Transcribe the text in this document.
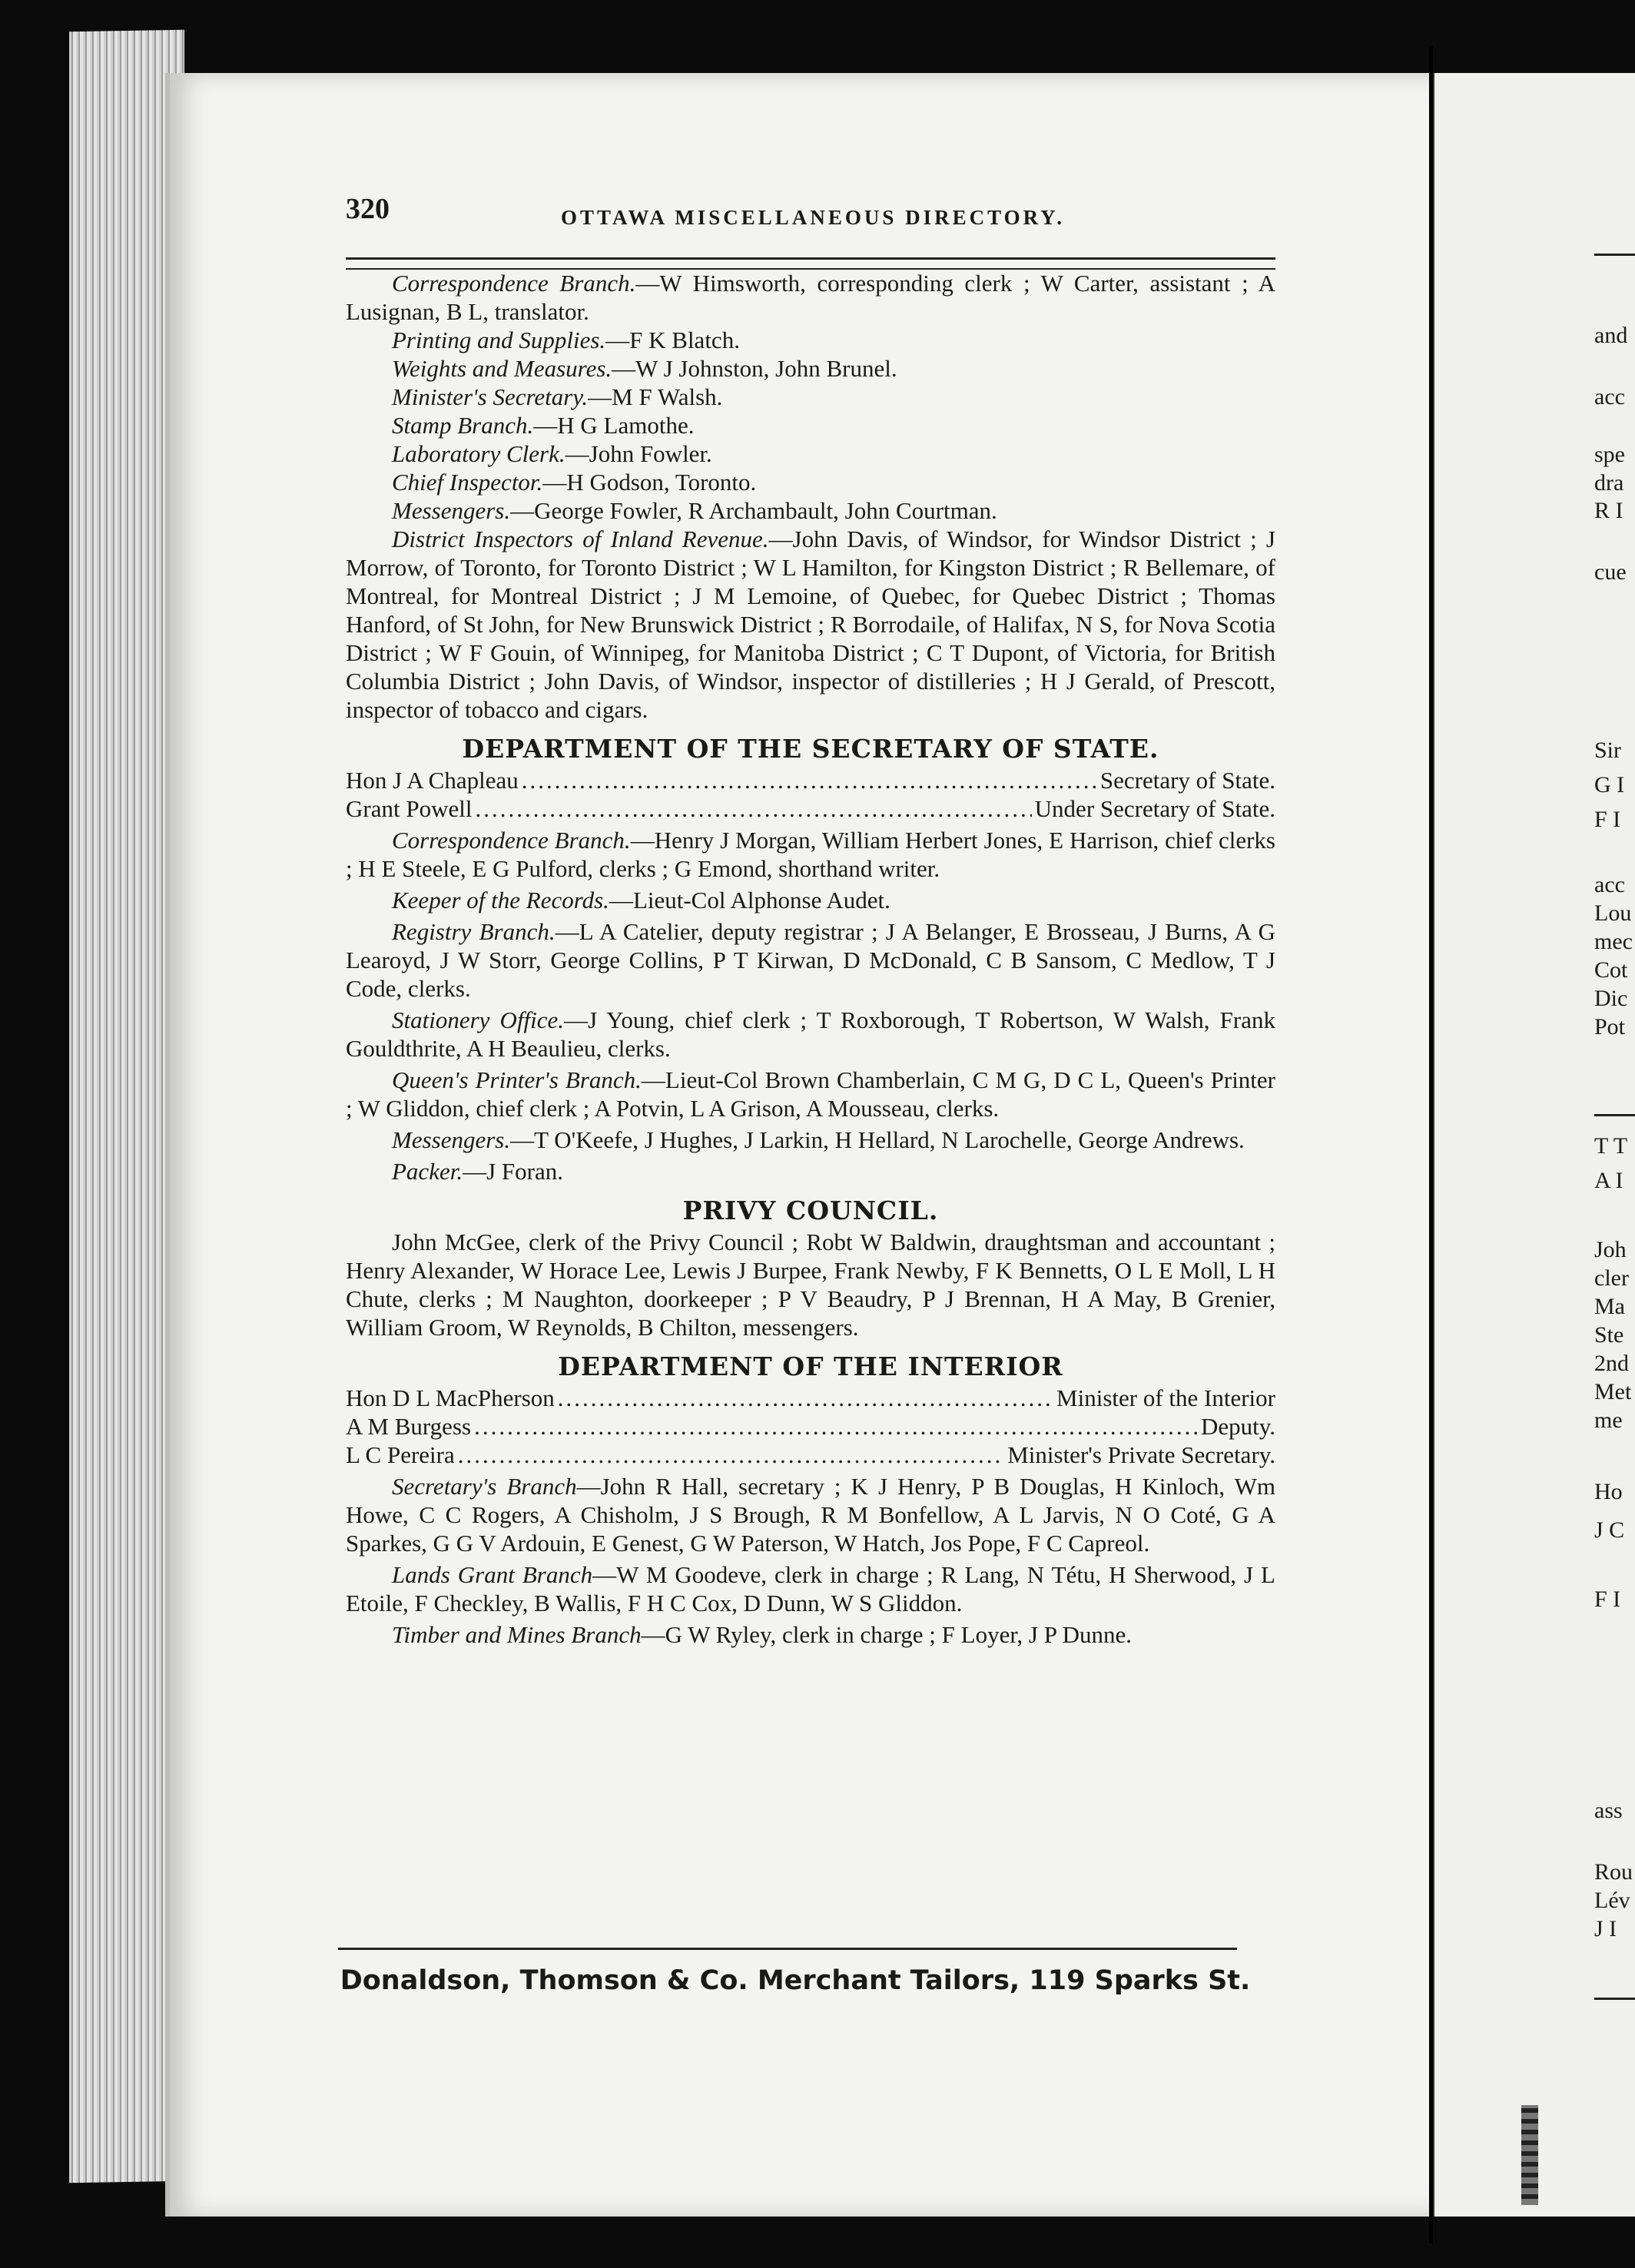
320	OTTAWA MISCELLANEOUS DIRECTORY.

Correspondence Branch.—W Himsworth, corresponding clerk ; W Carter, assistant ; A Lusignan, B L, translator.

Printing and Supplies.—F K Blatch.

Weights and Measures.—W J Johnston, John Brunel.

Minister's Secretary.—M F Walsh.

Stamp Branch.—H G Lamothe.

Laboratory Clerk.—John Fowler.

Chief Inspector.—H Godson, Toronto.

Messengers.—George Fowler, R Archambault, John Courtman.

District Inspectors of Inland Revenue.—John Davis, of Windsor, for Windsor District ; J Morrow, of Toronto, for Toronto District ; W L Hamilton, for Kingston District ; R Bellemare, of Montreal, for Montreal District ; J M Lemoine, of Quebec, for Quebec District ; Thomas Hanford, of St John, for New Brunswick District ; R Borrodaile, of Halifax, N S, for Nova Scotia District ; W F Gouin, of Winnipeg, for Manitoba District ; C T Dupont, of Victoria, for British Columbia District ; John Davis, of Windsor, inspector of distilleries ; H J Gerald, of Prescott, inspector of tobacco and cigars.

DEPARTMENT OF THE SECRETARY OF STATE.
Hon J A Chapleau .....	Secretary of State.
Grant Powell .....	Under Secretary of State.

Correspondence Branch.—Henry J Morgan, William Herbert Jones, E Harrison, chief clerks ; H E Steele, E G Pulford, clerks ; G Emond, shorthand writer.

Keeper of the Records.—Lieut-Col Alphonse Audet.

Registry Branch.—L A Catelier, deputy registrar ; J A Belanger, E Brosseau, J Burns, A G Learoyd, J W Storr, George Collins, P T Kirwan, D McDonald, C B Sansom, C Medlow, T J Code, clerks.

Stationery Office.—J Young, chief clerk ; T Roxborough, T Robertson, W Walsh, Frank Gouldthrite, A H Beaulieu, clerks.

Queen's Printer's Branch.—Lieut-Col Brown Chamberlain, C M G, D C L, Queen's Printer ; W Gliddon, chief clerk ; A Potvin, L A Grison, A Mousseau, clerks.

Messengers.—T O'Keefe, J Hughes, J Larkin, H Hellard, N Larochelle, George Andrews.

Packer.—J Foran.

PRIVY COUNCIL.

John McGee, clerk of the Privy Council ; Robt W Baldwin, draughtsman and accountant ; Henry Alexander, W Horace Lee, Lewis J Burpee, Frank Newby, F K Bennetts, O L E Moll, L H Chute, clerks ; M Naughton, doorkeeper ; P V Beaudry, P J Brennan, H A May, B Grenier, William Groom, W Reynolds, B Chilton, messengers.

DEPARTMENT OF THE INTERIOR
Hon D L MacPherson .....	Minister of the Interior
A M Burgess .....	Deputy.
L C Pereira .....	Minister's Private Secretary.

Secretary's Branch—John R Hall, secretary ; K J Henry, P B Douglas, H Kinloch, Wm Howe, C C Rogers, A Chisholm, J S Brough, R M Bonfellow, A L Jarvis, N O Coté, G A Sparkes, G G V Ardouin, E Genest, G W Paterson, W Hatch, Jos Pope, F C Capreol.

Lands Grant Branch—W M Goodeve, clerk in charge ; R Lang, N Tétu, H Sherwood, J L Etoile, F Checkley, B Wallis, F H C Cox, D Dunn, W S Gliddon.

Timber and Mines Branch—G W Ryley, clerk in charge ; F Loyer, J P Dunne.

Donaldson, Thomson & Co. Merchant Tailors, 119 Sparks St.
and
acc
spe
dra
R I
cue
Sir
G I
F I
acc
Lou
mec
Cot
Dic
Pot
T T
A I
Joh
cler
Ma
Ste
2nd
Met
me
Ho
J C
F I
ass
Rou
Lév
J I
